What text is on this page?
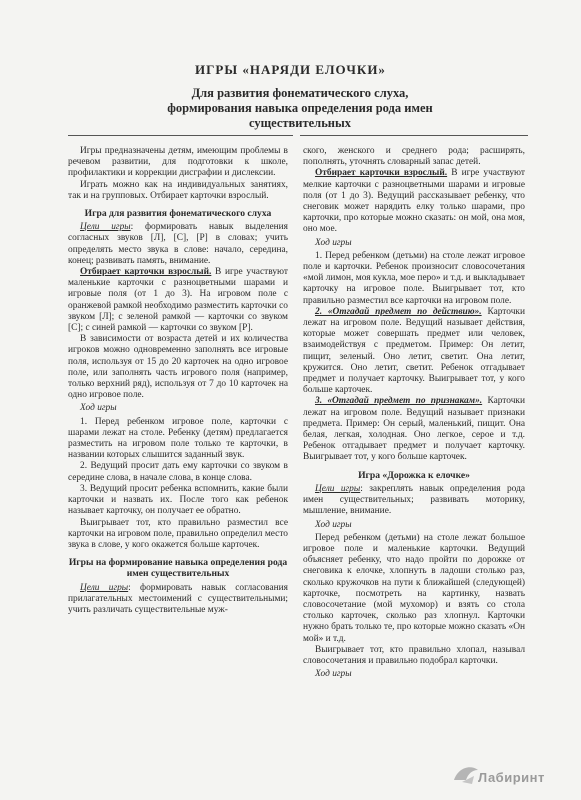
ИГРЫ «НАРЯДИ ЕЛОЧКИ»
Для развития фонематического слуха, формирования навыка определения рода имен существительных

Игры предназначены детям, имеющим проблемы в речевом развитии, для подготовки к школе, профилактики и коррекции дисграфии и дислексии.

Играть можно как на индивидуальных занятиях, так и на групповых. Отбирает карточки взрослый.

Игра для развития фонематического слуха

Цели игры: формировать навык выделения согласных звуков [Л], [С], [Р] в словах; учить определять место звука в слове: начало, середина, конец; развивать память, внимание.

Отбирает карточки взрослый. В игре участвуют маленькие карточки с разноцветными шарами и игровые поля (от 1 до 3). На игровом поле с оранжевой рамкой необходимо разместить карточки со звуком [Л]; с зеленой рамкой — карточки со звуком [С]; с синей рамкой — карточки со звуком [Р].

В зависимости от возраста детей и их количества игроков можно одновременно заполнять все игровые поля, используя от 15 до 20 карточек на одно игровое поле, или заполнять часть игрового поля (например, только верхний ряд), используя от 7 до 10 карточек на одно игровое поле.

Ход игры

1. Перед ребенком игровое поле, карточки с шарами лежат на столе. Ребенку (детям) предлагается разместить на игровом поле только те карточки, в названии которых слышится заданный звук.

2. Ведущий просит дать ему карточки со звуком в середине слова, в начале слова, в конце слова.

3. Ведущий просит ребенка вспомнить, какие были карточки и назвать их. После того как ребенок называет карточку, он получает ее обратно.

Выигрывает тот, кто правильно разместил все карточки на игровом поле, правильно определил место звука в слове, у кого окажется больше карточек.

Игры на формирование навыка определения рода имен существительных

Цели игры: формировать навык согласования прилагательных местоимений с существительными; учить различать существительные муж-

ского, женского и среднего рода; расширять, пополнять, уточнять словарный запас детей.

Отбирает карточки взрослый. В игре участвуют мелкие карточки с разноцветными шарами и игровые поля (от 1 до 3). Ведущий рассказывает ребенку, что снеговик может нарядить елку только шарами, про карточки, про которые можно сказать: он мой, она моя, оно мое.

Ход игры

1. Перед ребенком (детьми) на столе лежат игровое поле и карточки. Ребенок произносит словосочетания «мой лимон, моя кукла, мое перо» и т.д. и выкладывает карточку на игровое поле. Выигрывает тот, кто правильно разместил все карточки на игровом поле.

2. «Отгадай предмет по действию». Карточки лежат на игровом поле. Ведущий называет действия, которые может совершать предмет или человек, взаимодействуя с предметом. Пример: Он летит, пищит, зеленый. Оно летит, светит. Она летит, кружится. Оно летит, светит. Ребенок отгадывает предмет и получает карточку. Выигрывает тот, у кого больше карточек.

3. «Отгадай предмет по признакам». Карточки лежат на игровом поле. Ведущий называет признаки предмета. Пример: Он серый, маленький, пищит. Она белая, легкая, холодная. Оно легкое, серое и т.д. Ребенок отгадывает предмет и получает карточку. Выигрывает тот, у кого больше карточек.

Игра «Дорожка к елочке»

Цели игры: закреплять навык определения рода имен существительных; развивать моторику, мышление, внимание.

Ход игры

Перед ребенком (детьми) на столе лежат большое игровое поле и маленькие карточки. Ведущий объясняет ребенку, что надо пройти по дорожке от снеговика к елочке, хлопнуть в ладоши столько раз, сколько кружочков на пути к ближайшей (следующей) карточке, посмотреть на картинку, назвать словосочетание (мой мухомор) и взять со стола столько карточек, сколько раз хлопнул. Карточки нужно брать только те, про которые можно сказать «Он мой» и т.д.

Выигрывает тот, кто правильно хлопал, называл словосочетания и правильно подобрал карточки.

Ход игры

Лабиринт
